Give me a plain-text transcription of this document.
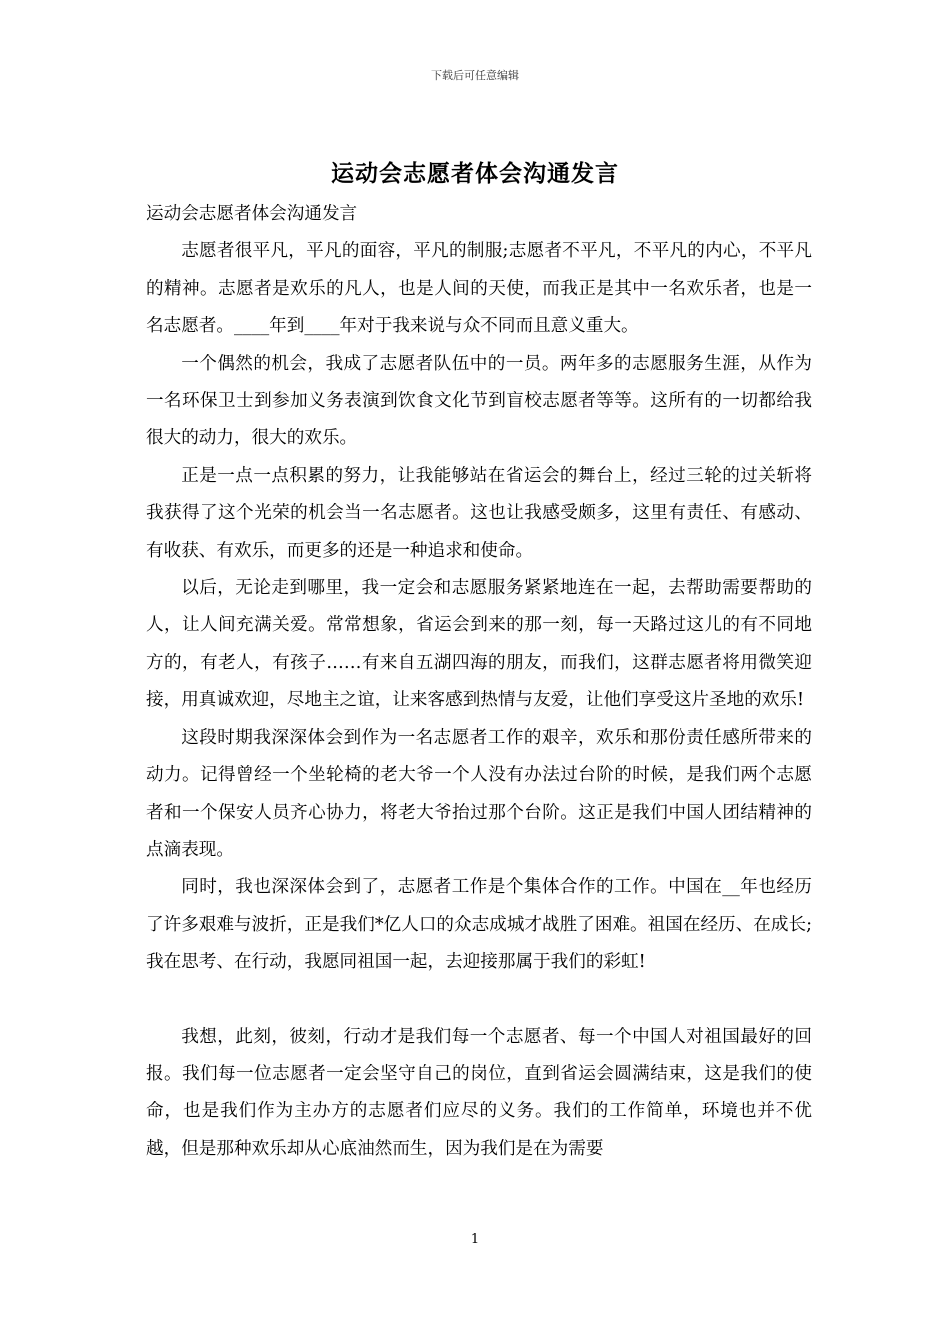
下载后可任意编辑
运动会志愿者体会沟通发言

运动会志愿者体会沟通发言

志愿者很平凡，平凡的面容，平凡的制服;志愿者不平凡，不平凡的内心，不平凡的精神。志愿者是欢乐的凡人，也是人间的天使，而我正是其中一名欢乐者，也是一名志愿者。____年到____年对于我来说与众不同而且意义重大。

一个偶然的机会，我成了志愿者队伍中的一员。两年多的志愿服务生涯，从作为一名环保卫士到参加义务表演到饮食文化节到盲校志愿者等等。这所有的一切都给我很大的动力，很大的欢乐。

正是一点一点积累的努力，让我能够站在省运会的舞台上，经过三轮的过关斩将我获得了这个光荣的机会当一名志愿者。这也让我感受颇多，这里有责任、有感动、有收获、有欢乐，而更多的还是一种追求和使命。

以后，无论走到哪里，我一定会和志愿服务紧紧地连在一起，去帮助需要帮助的人，让人间充满关爱。常常想象，省运会到来的那一刻，每一天路过这儿的有不同地方的，有老人，有孩子……有来自五湖四海的朋友，而我们，这群志愿者将用微笑迎接，用真诚欢迎，尽地主之谊，让来客感到热情与友爱，让他们享受这片圣地的欢乐!

这段时期我深深体会到作为一名志愿者工作的艰辛，欢乐和那份责任感所带来的动力。记得曾经一个坐轮椅的老大爷一个人没有办法过台阶的时候，是我们两个志愿者和一个保安人员齐心协力，将老大爷抬过那个台阶。这正是我们中国人团结精神的点滴表现。

同时，我也深深体会到了，志愿者工作是个集体合作的工作。中国在__年也经历了许多艰难与波折，正是我们*亿人口的众志成城才战胜了困难。祖国在经历、在成长;我在思考、在行动，我愿同祖国一起，去迎接那属于我们的彩虹!

我想，此刻，彼刻，行动才是我们每一个志愿者、每一个中国人对祖国最好的回报。我们每一位志愿者一定会坚守自己的岗位，直到省运会圆满结束，这是我们的使命，也是我们作为主办方的志愿者们应尽的义务。我们的工作简单，环境也并不优越，但是那种欢乐却从心底油然而生，因为我们是在为需要

1
